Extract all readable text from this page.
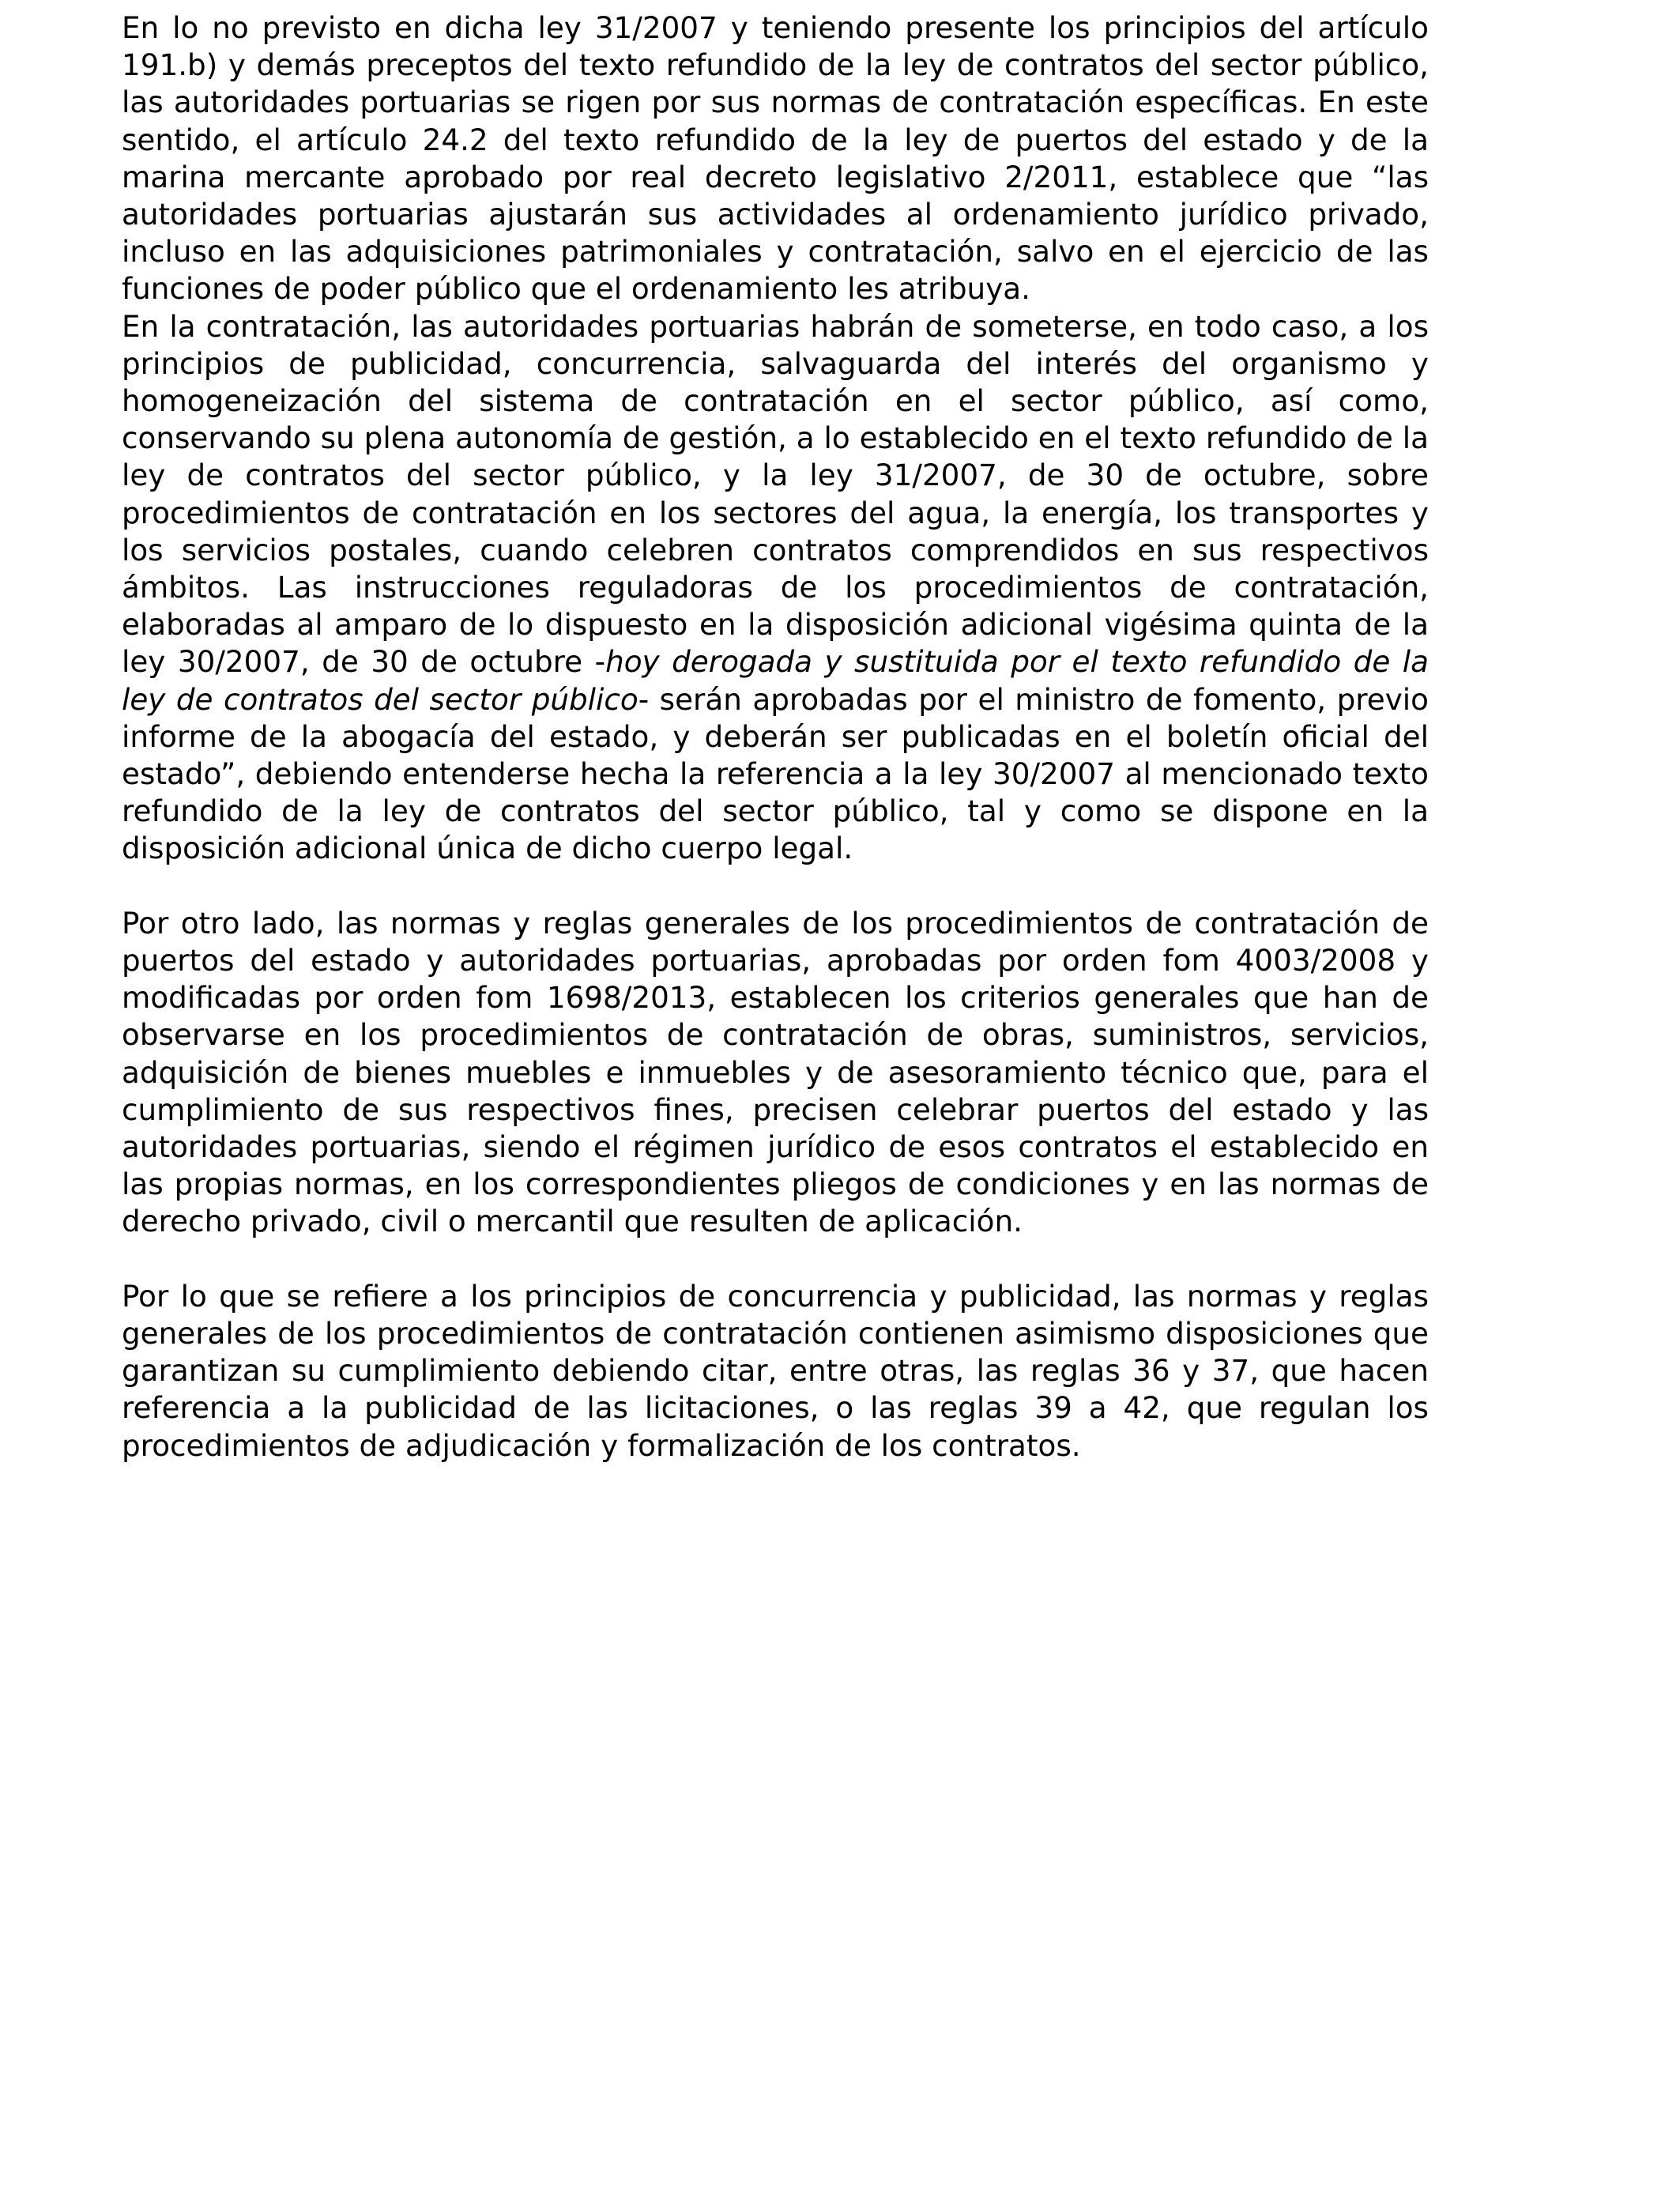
En lo no previsto en dicha ley 31/2007 y teniendo presente los principios del artículo 191.b) y demás preceptos del texto refundido de la ley de contratos del sector público, las autoridades portuarias se rigen por sus normas de contratación específicas. En este sentido, el artículo 24.2 del texto refundido de la ley de puertos del estado y de la marina mercante aprobado por real decreto legislativo 2/2011, establece que “las autoridades portuarias ajustarán sus actividades al ordenamiento jurídico privado, incluso en las adquisiciones patrimoniales y contratación, salvo en el ejercicio de las funciones de poder público que el ordenamiento les atribuya.

En la contratación, las autoridades portuarias habrán de someterse, en todo caso, a los principios de publicidad, concurrencia, salvaguarda del interés del organismo y homogeneización del sistema de contratación en el sector público, así como, conservando su plena autonomía de gestión, a lo establecido en el texto refundido de la ley de contratos del sector público, y la ley 31/2007, de 30 de octubre, sobre procedimientos de contratación en los sectores del agua, la energía, los transportes y los servicios postales, cuando celebren contratos comprendidos en sus respectivos ámbitos. Las instrucciones reguladoras de los procedimientos de contratación, elaboradas al amparo de lo dispuesto en la disposición adicional vigésima quinta de la ley 30/2007, de 30 de octubre -hoy derogada y sustituida por el texto refundido de la ley de contratos del sector público- serán aprobadas por el ministro de fomento, previo informe de la abogacía del estado, y deberán ser publicadas en el boletín oficial del estado”, debiendo entenderse hecha la referencia a la ley 30/2007 al mencionado texto refundido de la ley de contratos del sector público, tal y como se dispone en la disposición adicional única de dicho cuerpo legal.

Por otro lado, las normas y reglas generales de los procedimientos de contratación de puertos del estado y autoridades portuarias, aprobadas por orden fom 4003/2008 y modificadas por orden fom 1698/2013, establecen los criterios generales que han de observarse en los procedimientos de contratación de obras, suministros, servicios, adquisición de bienes muebles e inmuebles y de asesoramiento técnico que, para el cumplimiento de sus respectivos fines, precisen celebrar puertos del estado y las autoridades portuarias, siendo el régimen jurídico de esos contratos el establecido en las propias normas, en los correspondientes pliegos de condiciones y en las normas de derecho privado, civil o mercantil que resulten de aplicación.

Por lo que se refiere a los principios de concurrencia y publicidad, las normas y reglas generales de los procedimientos de contratación contienen asimismo disposiciones que garantizan su cumplimiento debiendo citar, entre otras, las reglas 36 y 37, que hacen referencia a la publicidad de las licitaciones, o las reglas 39 a 42, que regulan los procedimientos de adjudicación y formalización de los contratos.
